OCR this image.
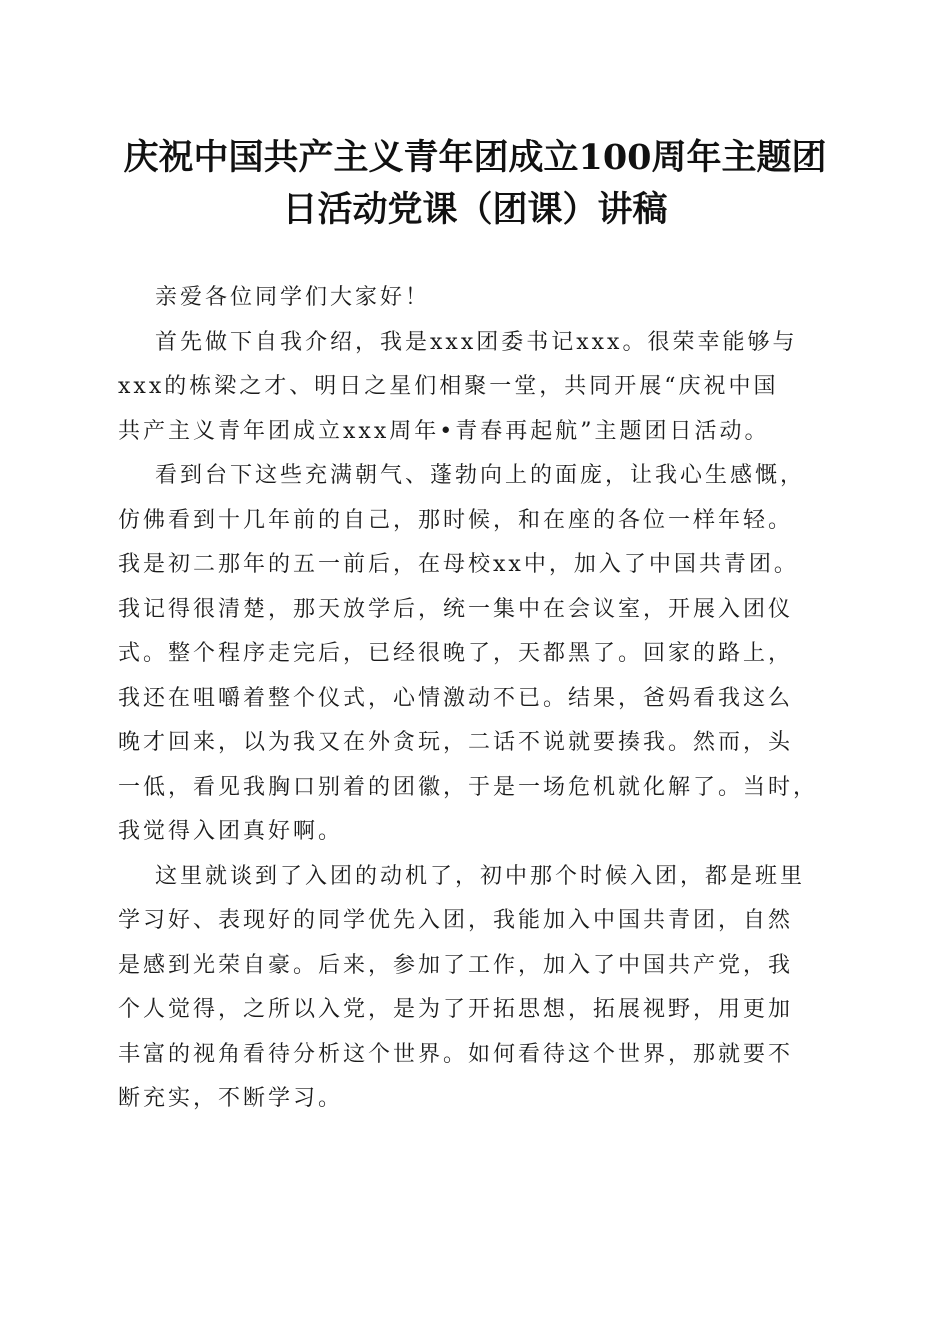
庆祝中国共产主义青年团成立100周年主题团
日活动党课（团课）讲稿
亲爱各位同学们大家好！
首先做下自我介绍，我是xxx团委书记xxx。很荣幸能够与
xxx的栋梁之才、明日之星们相聚一堂，共同开展“庆祝中国
共产主义青年团成立xxx周年•青春再起航”主题团日活动。
看到台下这些充满朝气、蓬勃向上的面庞，让我心生感慨，
仿佛看到十几年前的自己，那时候，和在座的各位一样年轻。
我是初二那年的五一前后，在母校xx中，加入了中国共青团。
我记得很清楚，那天放学后，统一集中在会议室，开展入团仪
式。整个程序走完后，已经很晚了，天都黑了。回家的路上，
我还在咀嚼着整个仪式，心情激动不已。结果，爸妈看我这么
晚才回来，以为我又在外贪玩，二话不说就要揍我。然而，头
一低，看见我胸口别着的团徽，于是一场危机就化解了。当时，
我觉得入团真好啊。
这里就谈到了入团的动机了，初中那个时候入团，都是班里
学习好、表现好的同学优先入团，我能加入中国共青团，自然
是感到光荣自豪。后来，参加了工作，加入了中国共产党，我
个人觉得，之所以入党，是为了开拓思想，拓展视野，用更加
丰富的视角看待分析这个世界。如何看待这个世界，那就要不
断充实，不断学习。
